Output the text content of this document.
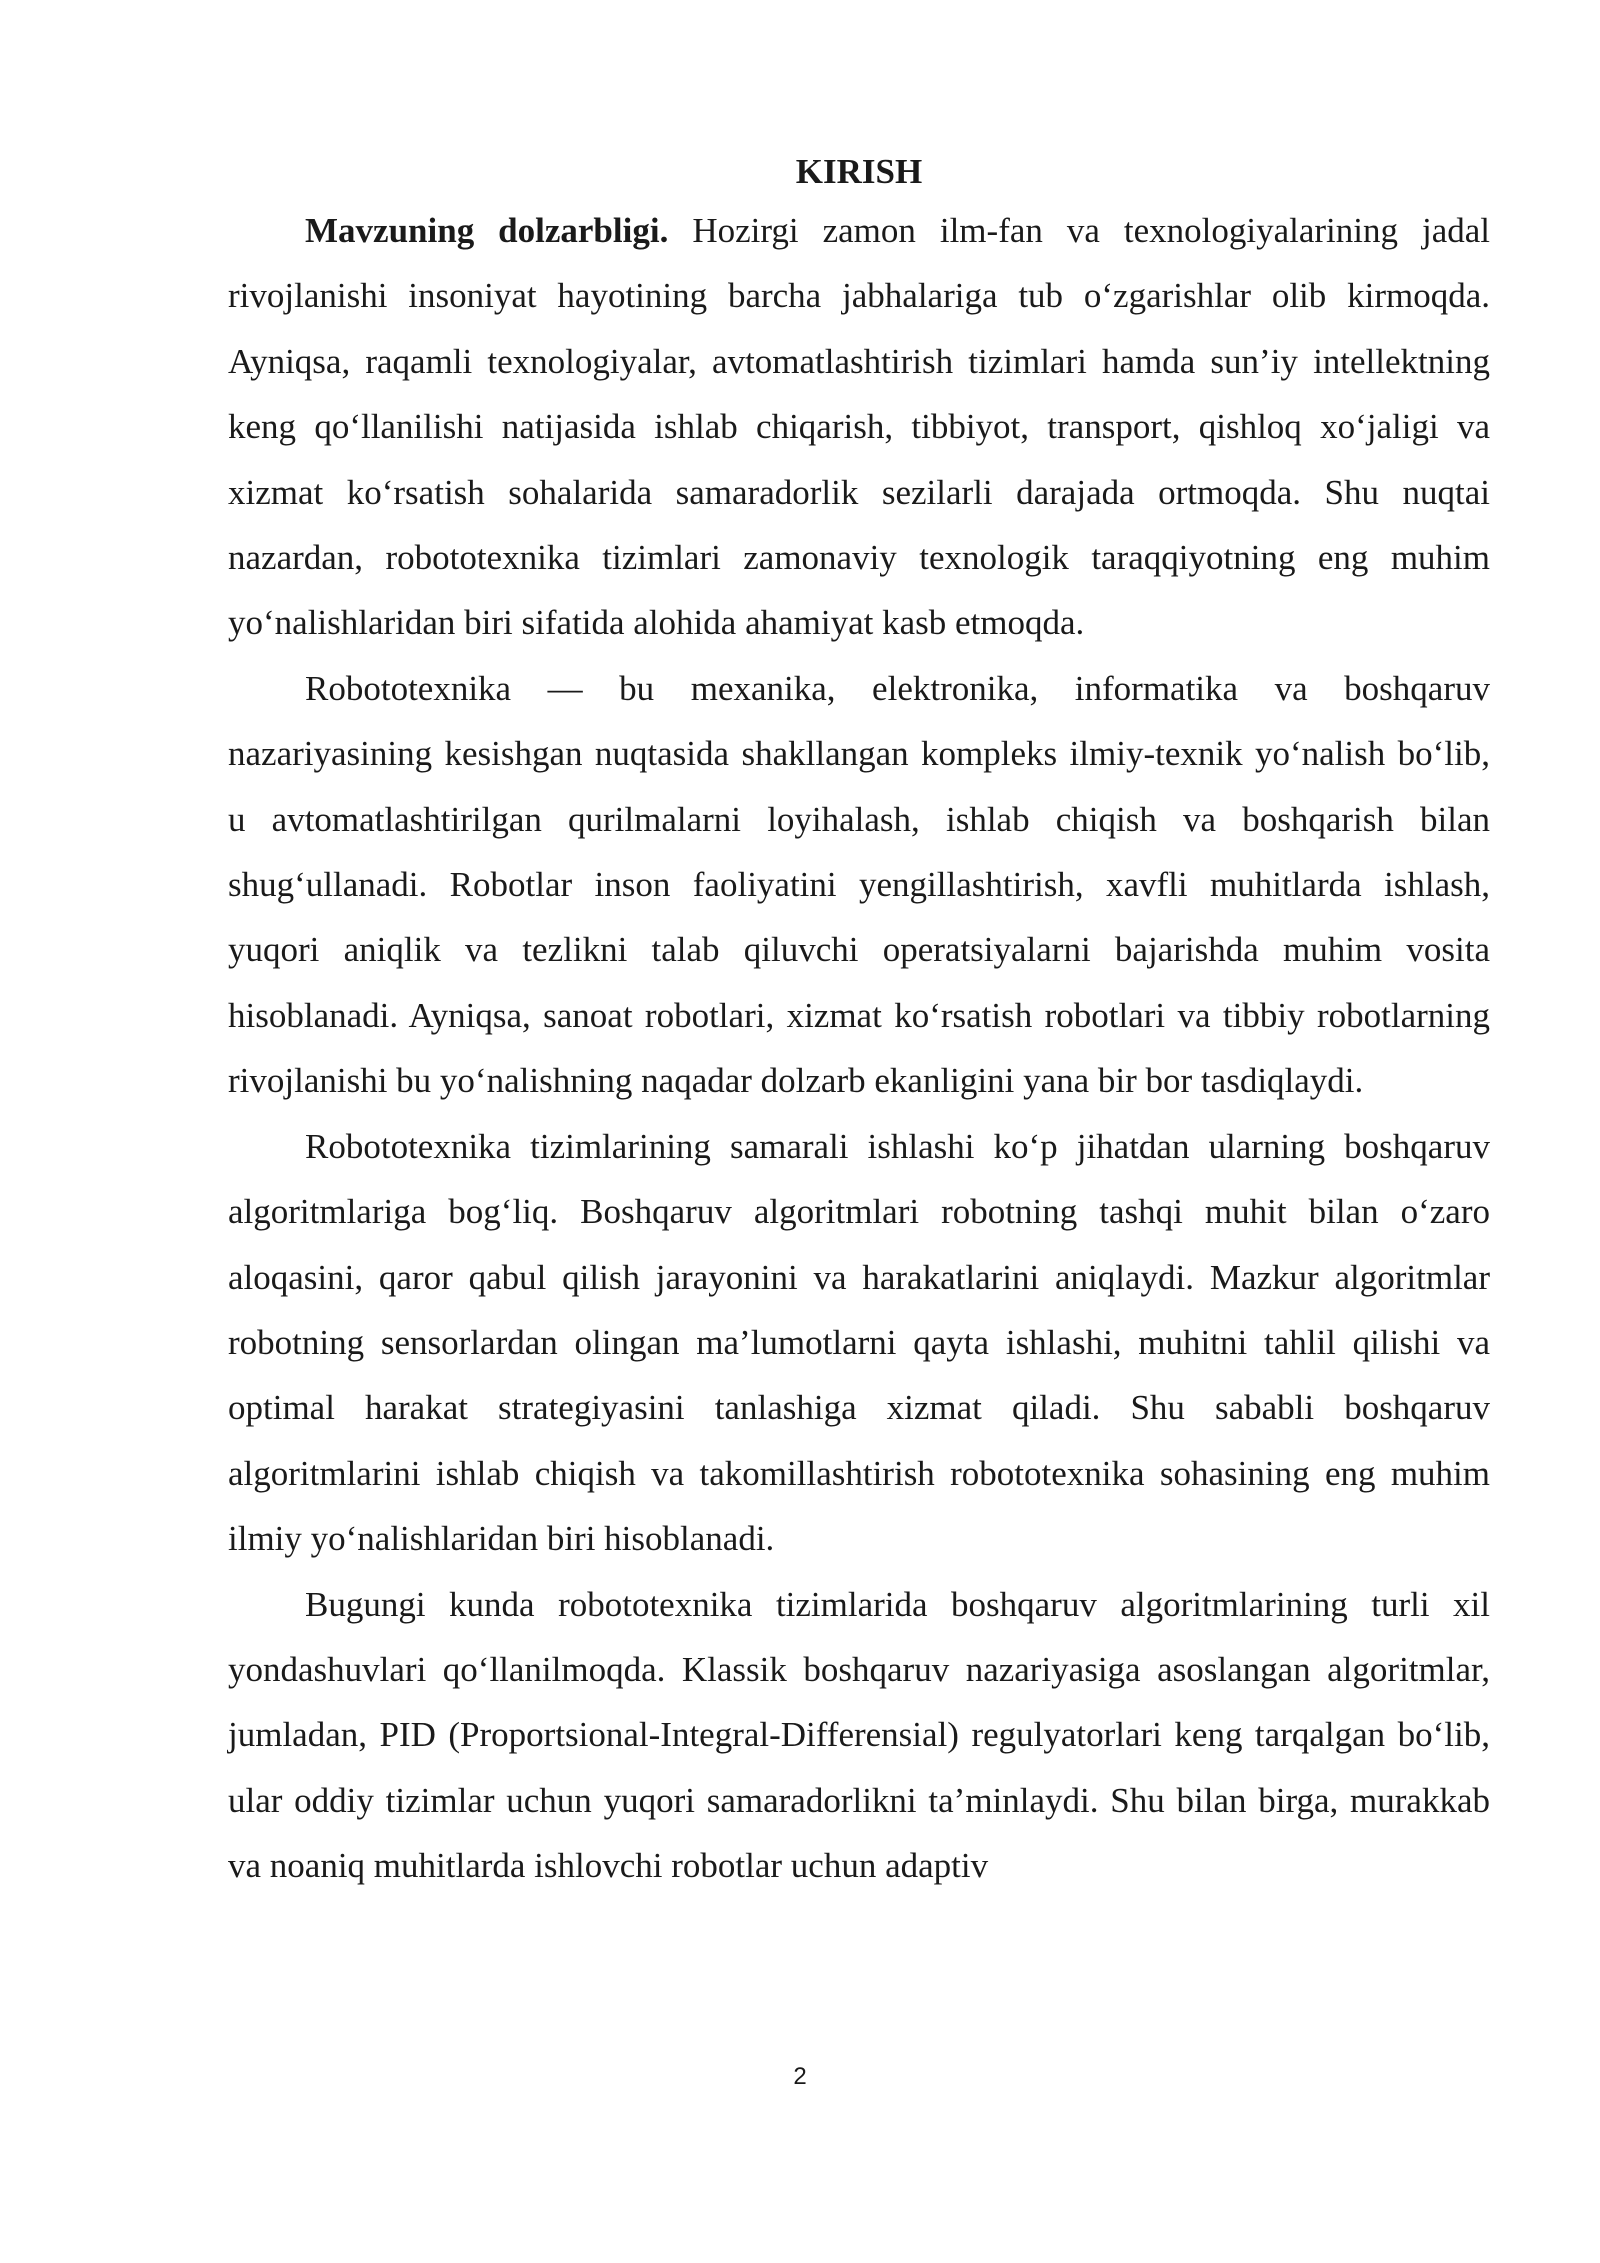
KIRISH

Mavzuning dolzarbligi. Hozirgi zamon ilm-fan va texnologiyalarining jadal rivojlanishi insoniyat hayotining barcha jabhalariga tub o‘zgarishlar olib kirmoqda. Ayniqsa, raqamli texnologiyalar, avtomatlashtirish tizimlari hamda sun’iy intellektning keng qo‘llanilishi natijasida ishlab chiqarish, tibbiyot, transport, qishloq xo‘jaligi va xizmat ko‘rsatish sohalarida samaradorlik sezilarli darajada ortmoqda. Shu nuqtai nazardan, robototexnika tizimlari zamonaviy texnologik taraqqiyotning eng muhim yo‘nalishlaridan biri sifatida alohida ahamiyat kasb etmoqda.

Robototexnika — bu mexanika, elektronika, informatika va boshqaruv nazariyasining kesishgan nuqtasida shakllangan kompleks ilmiy-texnik yo‘nalish bo‘lib, u avtomatlashtirilgan qurilmalarni loyihalash, ishlab chiqish va boshqarish bilan shug‘ullanadi. Robotlar inson faoliyatini yengillashtirish, xavfli muhitlarda ishlash, yuqori aniqlik va tezlikni talab qiluvchi operatsiyalarni bajarishda muhim vosita hisoblanadi. Ayniqsa, sanoat robotlari, xizmat ko‘rsatish robotlari va tibbiy robotlarning rivojlanishi bu yo‘nalishning naqadar dolzarb ekanligini yana bir bor tasdiqlaydi.

Robototexnika tizimlarining samarali ishlashi ko‘p jihatdan ularning boshqaruv algoritmlariga bog‘liq. Boshqaruv algoritmlari robotning tashqi muhit bilan o‘zaro aloqasini, qaror qabul qilish jarayonini va harakatlarini aniqlaydi. Mazkur algoritmlar robotning sensorlardan olingan ma’lumotlarni qayta ishlashi, muhitni tahlil qilishi va optimal harakat strategiyasini tanlashiga xizmat qiladi. Shu sababli boshqaruv algoritmlarini ishlab chiqish va takomillashtirish robototexnika sohasining eng muhim ilmiy yo‘nalishlaridan biri hisoblanadi.

Bugungi kunda robototexnika tizimlarida boshqaruv algoritmlarining turli xil yondashuvlari qo‘llanilmoqda. Klassik boshqaruv nazariyasiga asoslangan algoritmlar, jumladan, PID (Proportsional-Integral-Differensial) regulyatorlari keng tarqalgan bo‘lib, ular oddiy tizimlar uchun yuqori samaradorlikni ta’minlaydi. Shu bilan birga, murakkab va noaniq muhitlarda ishlovchi robotlar uchun adaptiv

2
